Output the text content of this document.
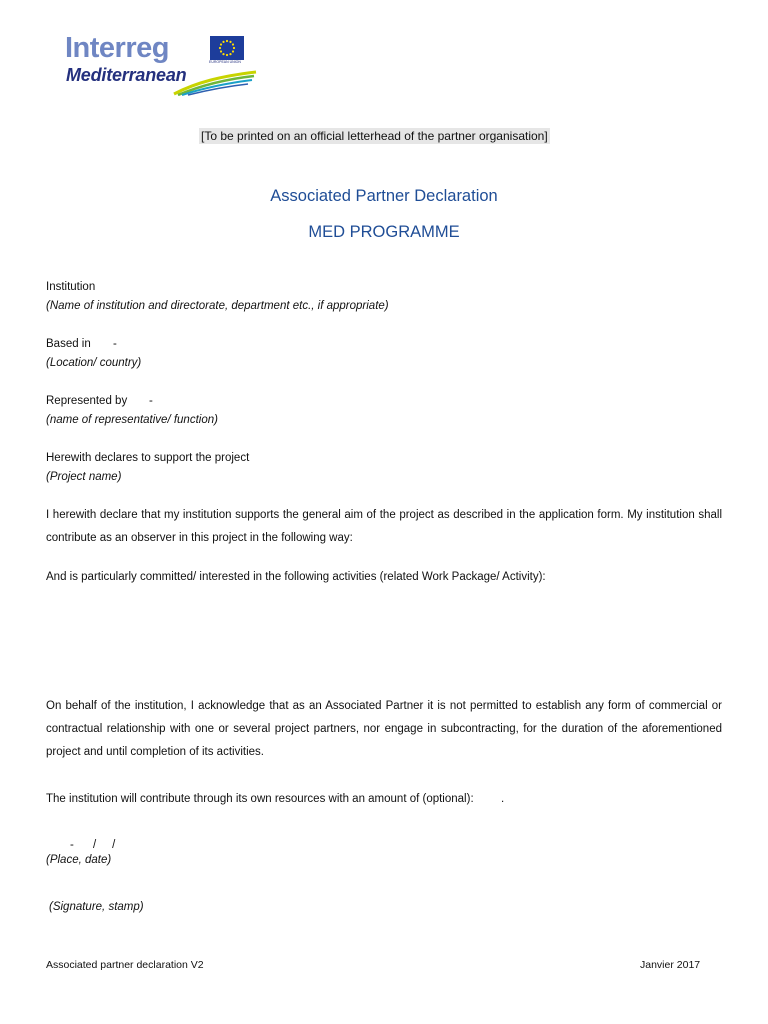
Interreg
Mediterranean
EUROPEAN UNION
[To be printed on an official letterhead of the partner organisation]
Associated Partner Declaration
MED PROGRAMME
Institution
(Name of institution and directorate, department etc., if appropriate)
Based in -
(Location/ country)
Represented by -
(name of representative/ function)
Herewith declares to support the project
(Project name)
I herewith declare that my institution supports the general aim of the project as described in the application form. My institution shall contribute as an observer in this project in the following way:
And is particularly committed/ interested in the following activities (related Work Package/ Activity):
On behalf of the institution, I acknowledge that as an Associated Partner it is not permitted to establish any form of commercial or contractual relationship with one or several project partners, nor engage in subcontracting, for the duration of the aforementioned project and until completion of its activities.
The institution will contribute through its own resources with an amount of (optional): .
-      /     /
(Place, date)
(Signature, stamp)
Associated partner declaration V2	Janvier 2017
